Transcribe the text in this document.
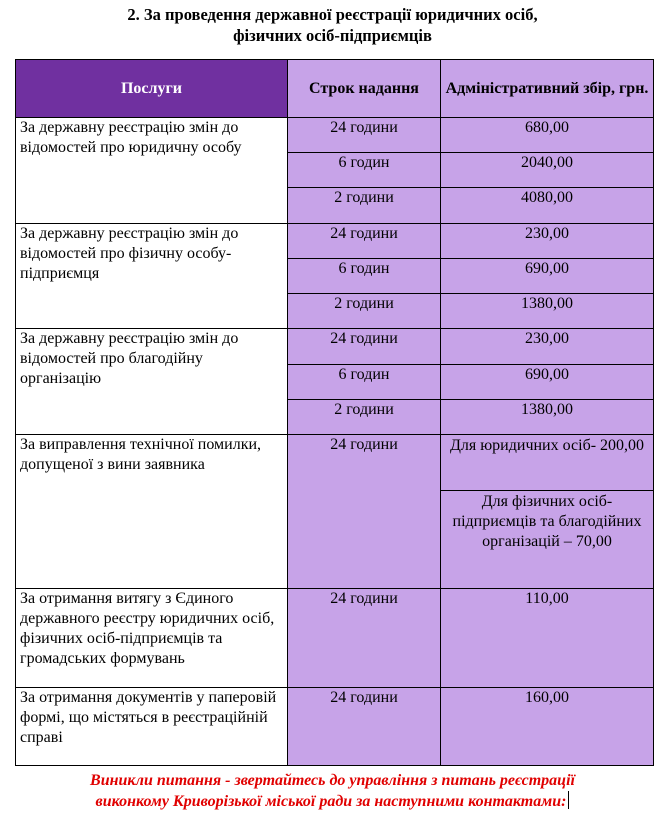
2. За проведення державної реєстрації юридичних осіб,
фізичних осіб-підприємців
Послуги	Строк надання	Адміністративний збір, грн.
За державну реєстрацію змін до відомостей про юридичну особу	24 години	680,00
	6 годин	2040,00
	2 години	4080,00
За державну реєстрацію змін до відомостей про фізичну особу-підприємця	24 години	230,00
	6 годин	690,00
	2 години	1380,00
За державну реєстрацію змін до відомостей про благодійну організацію	24 години	230,00
	6 годин	690,00
	2 години	1380,00
За виправлення технічної помилки, допущеної з вини заявника	24 години	Для юридичних осіб- 200,00
		Для фізичних осіб-підприємців та благодійних організацій – 70,00
За отримання витягу з Єдиного державного реєстру юридичних осіб, фізичних осіб-підприємців та громадських формувань	24 години	110,00
За отримання документів у паперовій формі, що містяться в реєстраційній справі	24 години	160,00
Виникли питання - звертайтесь до управління з питань реєстрації
виконкому Криворізької міської ради за наступними контактами:
